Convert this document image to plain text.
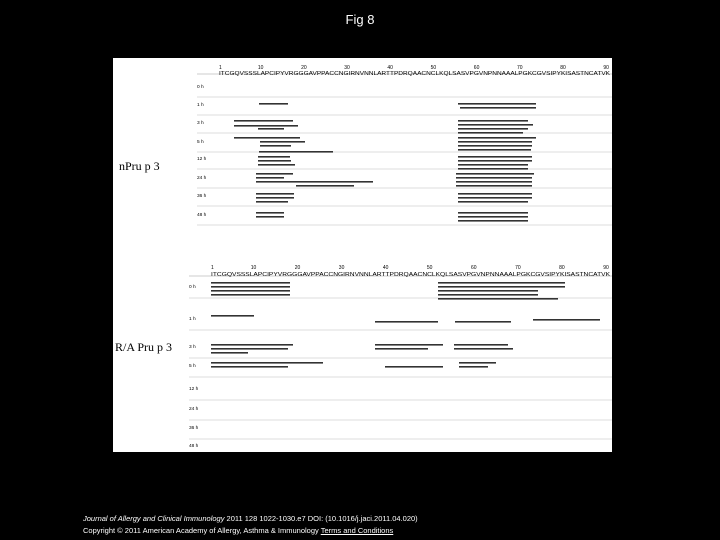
Fig 8
nPru p 3
R/A Pru p 3
1	10	20	30	40	50	60	70	80	90
ITCGQVSSSLAPCIPYVRGGGAVPPACCNGIRNVNNLARTTPDRQAACNCLKQLSASVPGVNPNNAAALPGKCGVSIPYKISASTNCATVK
0 h
1 h
3 h
5 h
12 h
24 h
36 h
48 h
1	10	20	30	40	50	60	70	80	90
ITCGQVSSSLAPCIPYVRGGGAVPPACCNGIRNVNNLARTTPDRQAACNCLKQLSASVPGVNPNNAAALPGKCGVSIPYKISASTNCATVK
0 h
1 h
3 h
5 h
12 h
24 h
36 h
48 h
Journal of Allergy and Clinical Immunology 2011 128 1022-1030.e7 DOI: (10.1016/j.jaci.2011.04.020)
Copyright © 2011 American Academy of Allergy, Asthma & Immunology Terms and Conditions
